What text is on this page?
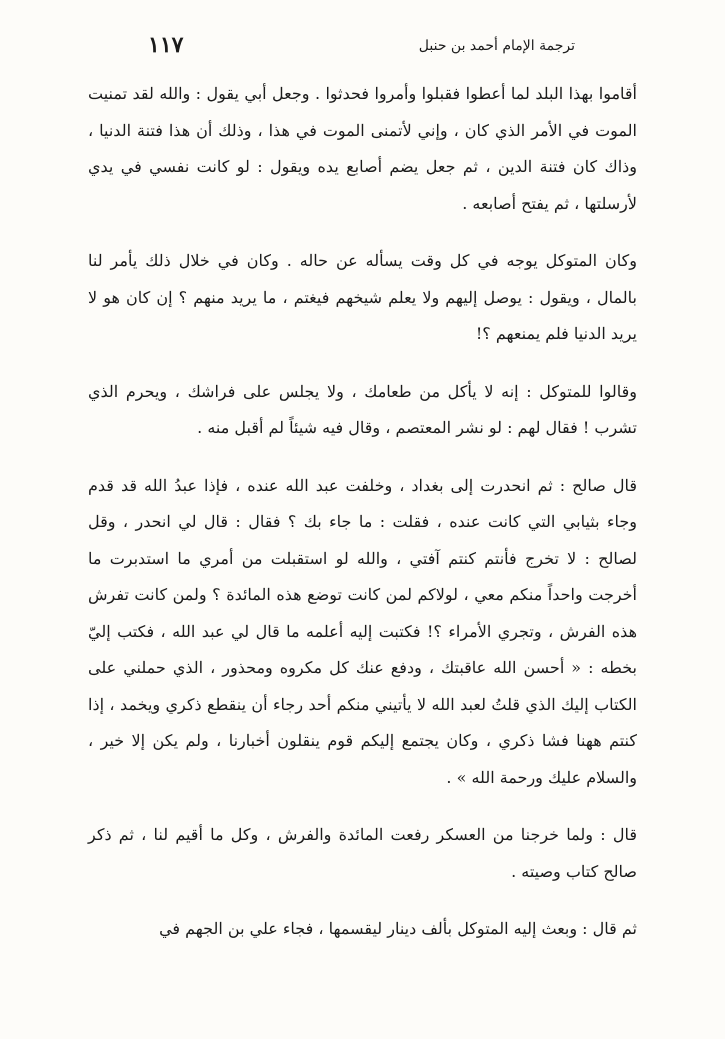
١١٧	ترجمة الإمام أحمد بن حنبل

أقاموا بهذا البلد لما أعطوا فقبلوا وأمروا فحدثوا . وجعل أبي يقول : والله لقد تمنيت الموت في الأمر الذي كان ، وإني لأتمنى الموت في هذا ، وذلك أن هذا فتنة الدنيا ، وذاك كان فتنة الدين ، ثم جعل يضم أصابع يده ويقول : لو كانت نفسي في يدي لأرسلتها ، ثم يفتح أصابعه .

وكان المتوكل يوجه في كل وقت يسأله عن حاله . وكان في خلال ذلك يأمر لنا بالمال ، ويقول : يوصل إليهم ولا يعلم شيخهم فيغتم ، ما يريد منهم ؟ إن كان هو لا يريد الدنيا فلم يمنعهم ؟!

وقالوا للمتوكل : إنه لا يأكل من طعامك ، ولا يجلس على فراشك ، ويحرم الذي تشرب ! فقال لهم : لو نشر المعتصم ، وقال فيه شيئاً لم أقبل منه .

قال صالح : ثم انحدرت إلى بغداد ، وخلفت عبد الله عنده ، فإذا عبدُ الله قد قدم وجاء بثيابي التي كانت عنده ، فقلت : ما جاء بك ؟ فقال : قال لي انحدر ، وقل لصالح : لا تخرج فأنتم كنتم آفتي ، والله لو استقبلت من أمري ما استدبرت ما أخرجت واحداً منكم معي ، لولاكم لمن كانت توضع هذه المائدة ؟ ولمن كانت تفرش هذه الفرش ، وتجري الأمراء ؟! فكتبت إليه أعلمه ما قال لي عبد الله ، فكتب إليّ بخطه : « أحسن الله عاقبتك ، ودفع عنك كل مكروه ومحذور ، الذي حملني على الكتاب إليك الذي قلتُ لعبد الله لا يأتيني منكم أحد رجاء أن ينقطع ذكري ويخمد ، إذا كنتم ههنا فشا ذكري ، وكان يجتمع إليكم قوم ينقلون أخبارنا ، ولم يكن إلا خير ، والسلام عليك ورحمة الله » .

قال : ولما خرجنا من العسكر رفعت المائدة والفرش ، وكل ما أقيم لنا ، ثم ذكر صالح كتاب وصيته .

ثم قال : وبعث إليه المتوكل بألف دينار ليقسمها ، فجاء علي بن الجهم في
